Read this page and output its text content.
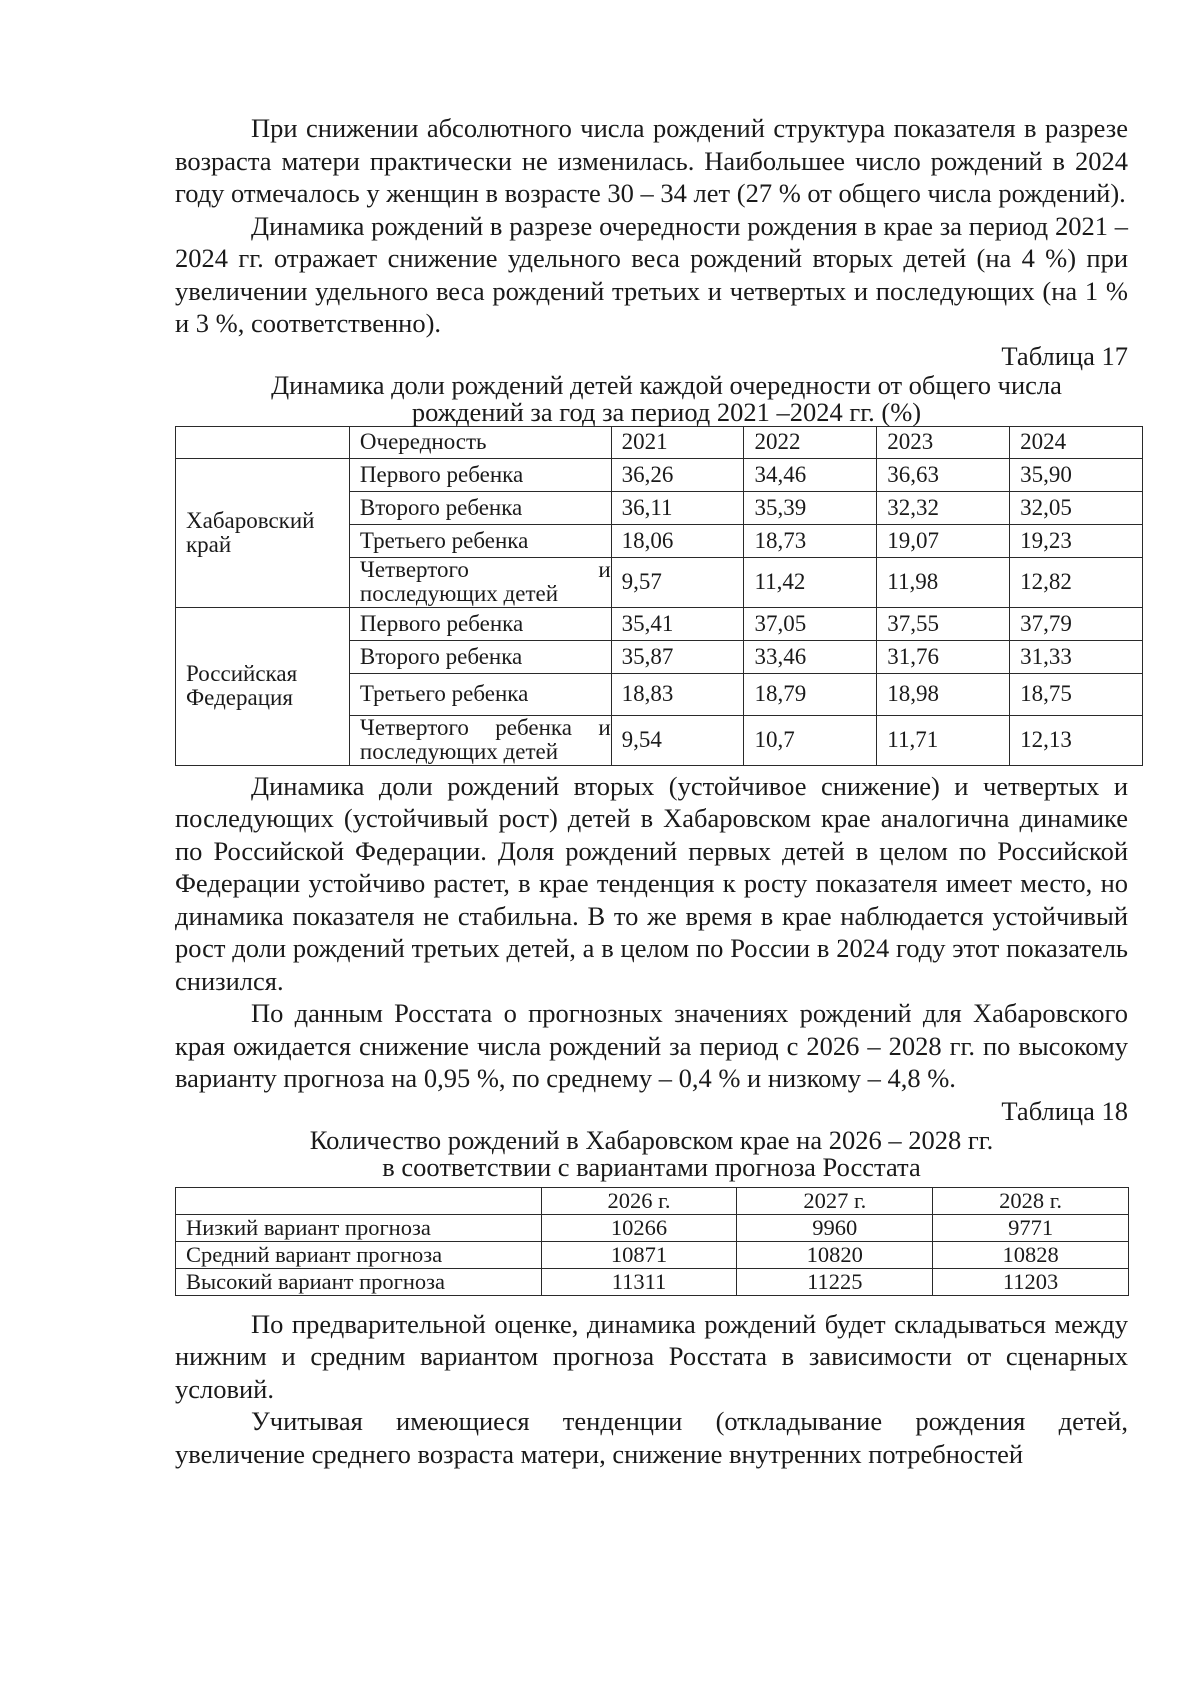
При снижении абсолютного числа рождений структура показателя в разрезе возраста матери практически не изменилась. Наибольшее число рождений в 2024 году отмечалось у женщин в возрасте 30 – 34 лет (27 % от общего числа рождений).

Динамика рождений в разрезе очередности рождения в крае за период 2021 – 2024 гг. отражает снижение удельного веса рождений вторых детей (на 4 %) при увеличении удельного веса рождений третьих и четвертых и последующих (на 1 % и 3 %, соответственно).

Таблица 17

Динамика доли рождений детей каждой очередности от общего числа

рождений за год за период 2021 –2024 гг. (%)

	Очередность	2021	2022	2023	2024
Хабаровский край	Первого ребенка	36,26	34,46	36,63	35,90
	Второго ребенка	36,11	35,39	32,32	32,05
	Третьего ребенка	18,06	18,73	19,07	19,23
	Четвертого и последующих детей	9,57	11,42	11,98	12,82
Российская Федерация	Первого ребенка	35,41	37,05	37,55	37,79
	Второго ребенка	35,87	33,46	31,76	31,33
	Третьего ребенка	18,83	18,79	18,98	18,75
	Четвертого ребенка и последующих детей	9,54	10,7	11,71	12,13

Динамика доли рождений вторых (устойчивое снижение) и четвертых и последующих (устойчивый рост) детей в Хабаровском крае аналогична динамике по Российской Федерации. Доля рождений первых детей в целом по Российской Федерации устойчиво растет, в крае тенденция к росту показателя имеет место, но динамика показателя не стабильна. В то же время в крае наблюдается устойчивый рост доли рождений третьих детей, а в целом по России в 2024 году этот показатель снизился.

По данным Росстата о прогнозных значениях рождений для Хабаровского края ожидается снижение числа рождений за период с 2026 – 2028 гг. по высокому варианту прогноза на 0,95 %, по среднему – 0,4 % и низкому – 4,8 %.

Таблица 18

Количество рождений в Хабаровском крае на 2026 – 2028 гг.

в соответствии с вариантами прогноза Росстата

	2026 г.	2027 г.	2028 г.
Низкий вариант прогноза	10266	9960	9771
Средний вариант прогноза	10871	10820	10828
Высокий вариант прогноза	11311	11225	11203

По предварительной оценке, динамика рождений будет складываться между нижним и средним вариантом прогноза Росстата в зависимости от сценарных условий.

Учитывая имеющиеся тенденции (откладывание рождения детей, увеличение среднего возраста матери, снижение внутренних потребностей
